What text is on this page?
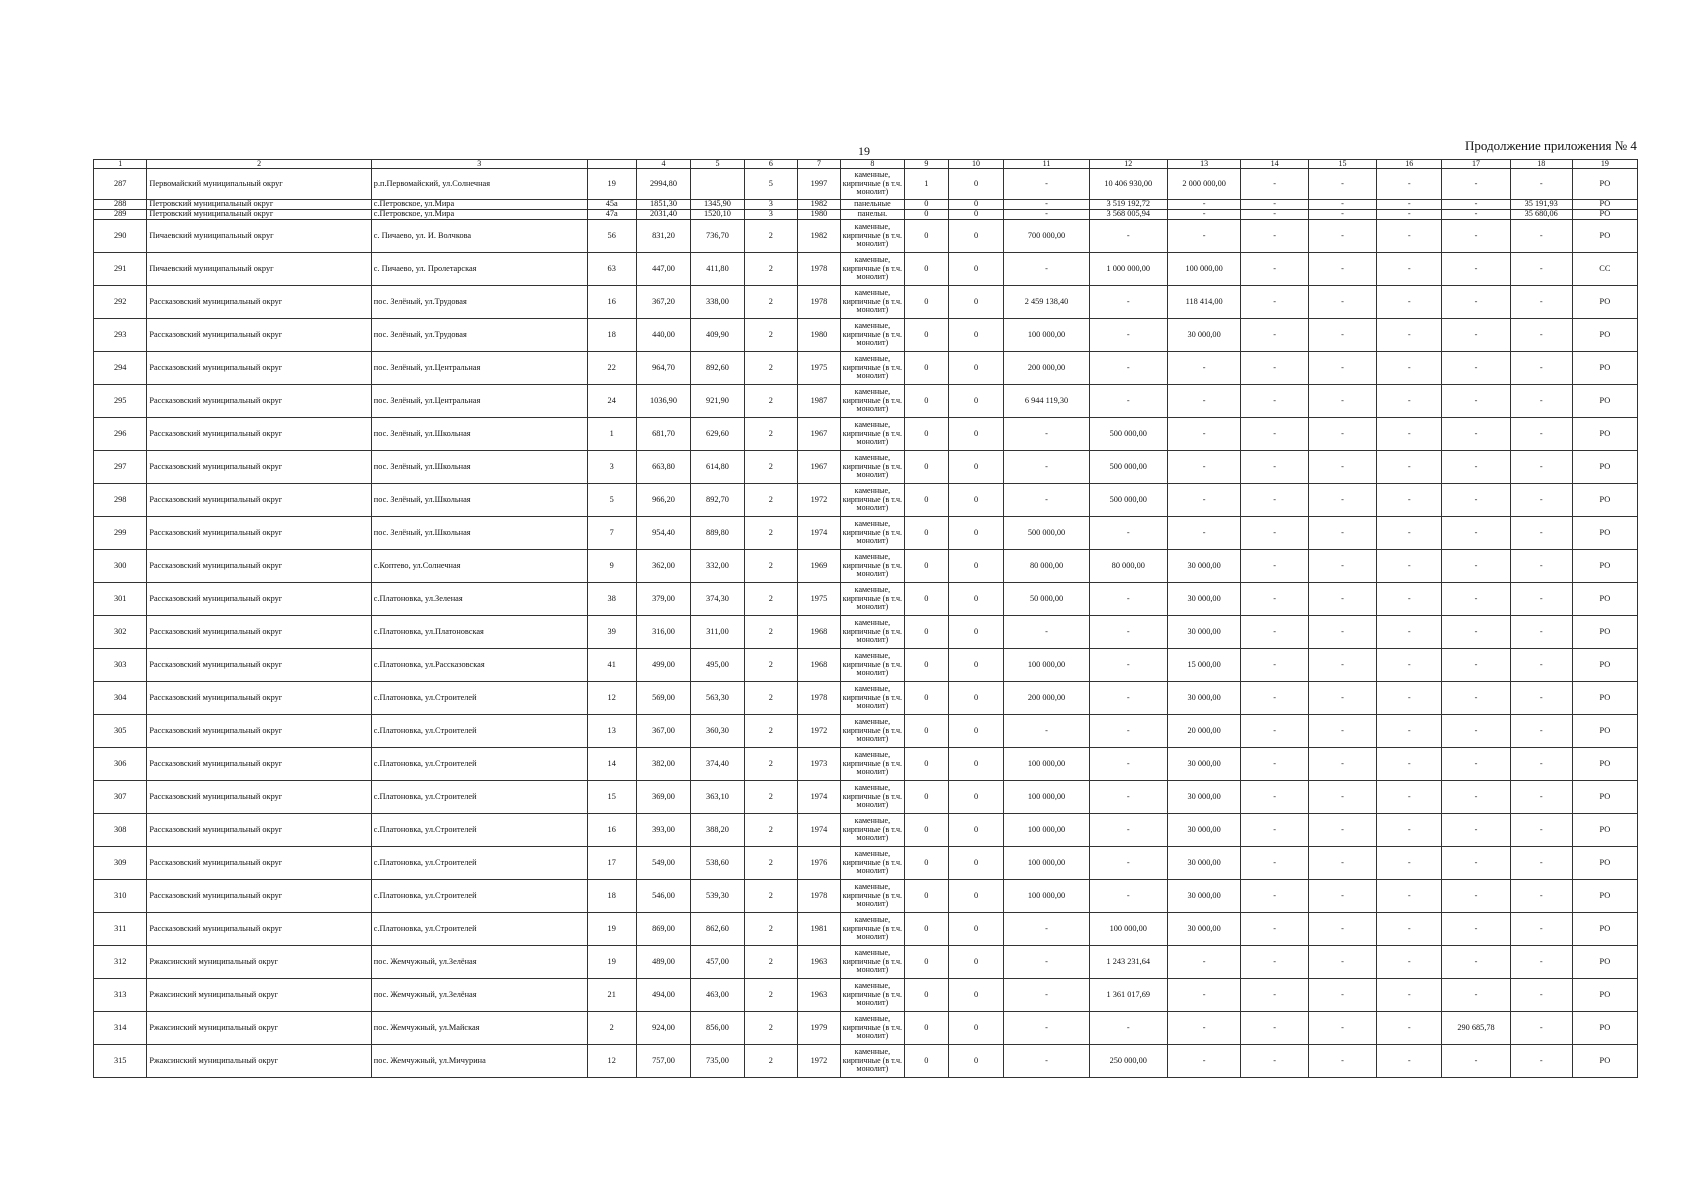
19	Продолжение приложения № 4
1	2	3		4	5	6	7	8	9	10	11	12	13	14	15	16	17	18	19
287	Первомайский муниципальный округ	р.п.Первомайский, ул.Солнечная	19	2994,80		5	1997	каменные, кирпичные (в т.ч. монолит)	1	0	-	10 406 930,00	2 000 000,00	-	-	-	-	-	РО
288	Петровский муниципальный округ	с.Петровское, ул.Мира	45а	1851,30	1345,90	3	1982	панельные	0	0	-	3 519 192,72	-	-	-	-	-	35 191,93	РО
289	Петровский муниципальный округ	с.Петровское, ул.Мира	47а	2031,40	1520,10	3	1980	панельн.	0	0	-	3 568 005,94	-	-	-	-	-	35 680,06	РО
290	Пичаевский муниципальный округ	с. Пичаево, ул. И. Волчкова	56	831,20	736,70	2	1982	каменные, кирпичные (в т.ч. монолит)	0	0	700 000,00	-	-	-	-	-	-	-	РО
291	Пичаевский муниципальный округ	с. Пичаево, ул. Пролетарская	63	447,00	411,80	2	1978	каменные, кирпичные (в т.ч. монолит)	0	0	-	1 000 000,00	100 000,00	-	-	-	-	-	СС
292	Рассказовский муниципальный округ	пос. Зелёный, ул.Трудовая	16	367,20	338,00	2	1978	каменные, кирпичные (в т.ч. монолит)	0	0	2 459 138,40	-	118 414,00	-	-	-	-	-	РО
293	Рассказовский муниципальный округ	пос. Зелёный, ул.Трудовая	18	440,00	409,90	2	1980	каменные, кирпичные (в т.ч. монолит)	0	0	100 000,00	-	30 000,00	-	-	-	-	-	РО
294	Рассказовский муниципальный округ	пос. Зелёный, ул.Центральная	22	964,70	892,60	2	1975	каменные, кирпичные (в т.ч. монолит)	0	0	200 000,00	-	-	-	-	-	-	-	РО
295	Рассказовский муниципальный округ	пос. Зелёный, ул.Центральная	24	1036,90	921,90	2	1987	каменные, кирпичные (в т.ч. монолит)	0	0	6 944 119,30	-	-	-	-	-	-	-	РО
296	Рассказовский муниципальный округ	пос. Зелёный, ул.Школьная	1	681,70	629,60	2	1967	каменные, кирпичные (в т.ч. монолит)	0	0	-	500 000,00	-	-	-	-	-	-	РО
297	Рассказовский муниципальный округ	пос. Зелёный, ул.Школьная	3	663,80	614,80	2	1967	каменные, кирпичные (в т.ч. монолит)	0	0	-	500 000,00	-	-	-	-	-	-	РО
298	Рассказовский муниципальный округ	пос. Зелёный, ул.Школьная	5	966,20	892,70	2	1972	каменные, кирпичные (в т.ч. монолит)	0	0	-	500 000,00	-	-	-	-	-	-	РО
299	Рассказовский муниципальный округ	пос. Зелёный, ул.Школьная	7	954,40	889,80	2	1974	каменные, кирпичные (в т.ч. монолит)	0	0	500 000,00	-	-	-	-	-	-	-	РО
300	Рассказовский муниципальный округ	с.Коптево, ул.Солнечная	9	362,00	332,00	2	1969	каменные, кирпичные (в т.ч. монолит)	0	0	80 000,00	80 000,00	30 000,00	-	-	-	-	-	РО
301	Рассказовский муниципальный округ	с.Платоновка, ул.Зеленая	38	379,00	374,30	2	1975	каменные, кирпичные (в т.ч. монолит)	0	0	50 000,00	-	30 000,00	-	-	-	-	-	РО
302	Рассказовский муниципальный округ	с.Платоновка, ул.Платоновская	39	316,00	311,00	2	1968	каменные, кирпичные (в т.ч. монолит)	0	0	-	-	30 000,00	-	-	-	-	-	РО
303	Рассказовский муниципальный округ	с.Платоновка, ул.Рассказовская	41	499,00	495,00	2	1968	каменные, кирпичные (в т.ч. монолит)	0	0	100 000,00	-	15 000,00	-	-	-	-	-	РО
304	Рассказовский муниципальный округ	с.Платоновка, ул.Строителей	12	569,00	563,30	2	1978	каменные, кирпичные (в т.ч. монолит)	0	0	200 000,00	-	30 000,00	-	-	-	-	-	РО
305	Рассказовский муниципальный округ	с.Платоновка, ул.Строителей	13	367,00	360,30	2	1972	каменные, кирпичные (в т.ч. монолит)	0	0	-	-	20 000,00	-	-	-	-	-	РО
306	Рассказовский муниципальный округ	с.Платоновка, ул.Строителей	14	382,00	374,40	2	1973	каменные, кирпичные (в т.ч. монолит)	0	0	100 000,00	-	30 000,00	-	-	-	-	-	РО
307	Рассказовский муниципальный округ	с.Платоновка, ул.Строителей	15	369,00	363,10	2	1974	каменные, кирпичные (в т.ч. монолит)	0	0	100 000,00	-	30 000,00	-	-	-	-	-	РО
308	Рассказовский муниципальный округ	с.Платоновка, ул.Строителей	16	393,00	388,20	2	1974	каменные, кирпичные (в т.ч. монолит)	0	0	100 000,00	-	30 000,00	-	-	-	-	-	РО
309	Рассказовский муниципальный округ	с.Платоновка, ул.Строителей	17	549,00	538,60	2	1976	каменные, кирпичные (в т.ч. монолит)	0	0	100 000,00	-	30 000,00	-	-	-	-	-	РО
310	Рассказовский муниципальный округ	с.Платоновка, ул.Строителей	18	546,00	539,30	2	1978	каменные, кирпичные (в т.ч. монолит)	0	0	100 000,00	-	30 000,00	-	-	-	-	-	РО
311	Рассказовский муниципальный округ	с.Платоновка, ул.Строителей	19	869,00	862,60	2	1981	каменные, кирпичные (в т.ч. монолит)	0	0	-	100 000,00	30 000,00	-	-	-	-	-	РО
312	Ржаксинский муниципальный округ	пос. Жемчужный, ул.Зелёная	19	489,00	457,00	2	1963	каменные, кирпичные (в т.ч. монолит)	0	0	-	1 243 231,64	-	-	-	-	-	-	РО
313	Ржаксинский муниципальный округ	пос. Жемчужный, ул.Зелёная	21	494,00	463,00	2	1963	каменные, кирпичные (в т.ч. монолит)	0	0	-	1 361 017,69	-	-	-	-	-	-	РО
314	Ржаксинский муниципальный округ	пос. Жемчужный, ул.Майская	2	924,00	856,00	2	1979	каменные, кирпичные (в т.ч. монолит)	0	0	-	-	-	-	-	-	290 685,78	-	РО
315	Ржаксинский муниципальный округ	пос. Жемчужный, ул.Мичурина	12	757,00	735,00	2	1972	каменные, кирпичные (в т.ч. монолит)	0	0	-	250 000,00	-	-	-	-	-	-	РО
